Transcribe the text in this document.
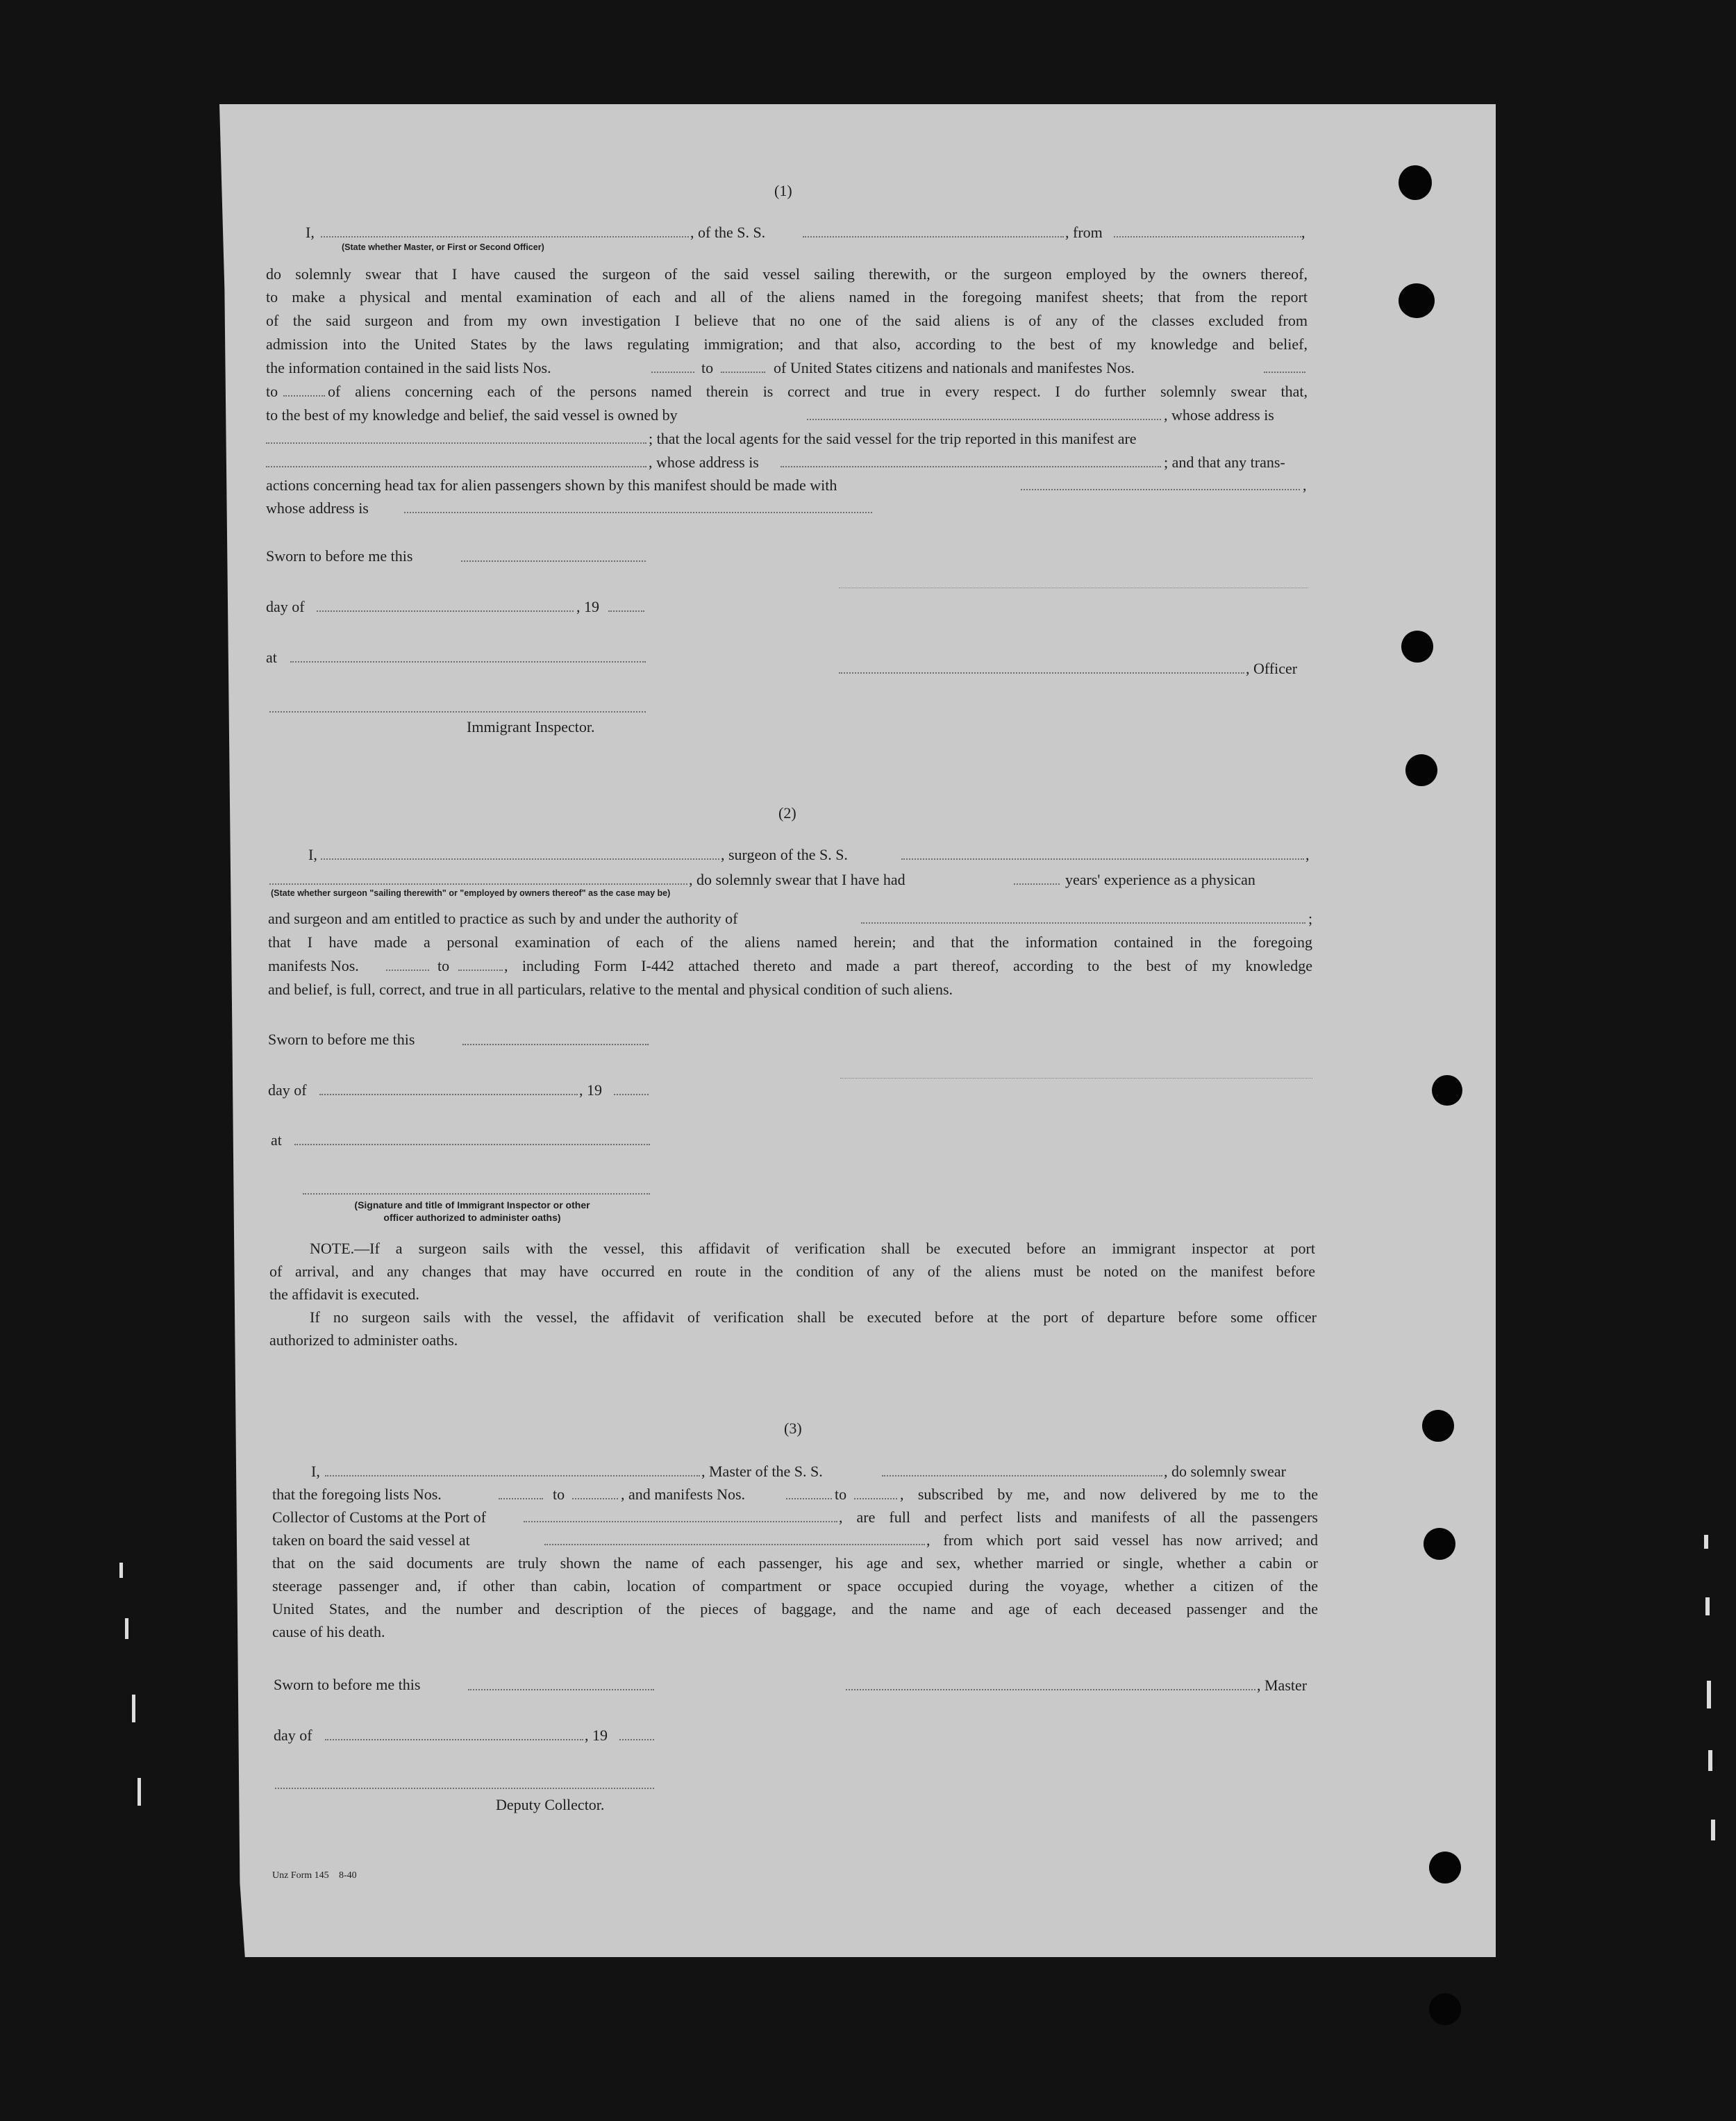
(1)
I,	, of the S. S.	, from	,
(State whether Master, or First or Second Officer)
do solemnly swear that I have caused the surgeon of the said vessel sailing therewith, or the surgeon employed by the owners thereof,
to make a physical and mental examination of each and all of the aliens named in the foregoing manifest sheets; that from the report
of the said surgeon and from my own investigation I believe that no one of the said aliens is of any of the classes excluded from
admission into the United States by the laws regulating immigration; and that also, according to the best of my knowledge and belief,
the information contained in the said lists Nos.	to	of United States citizens and nationals and manifestes Nos.
to	of aliens concerning each of the persons named therein is correct and true in every respect. I do further solemnly swear that,
to the best of my knowledge and belief, the said vessel is owned by	, whose address is
; that the local agents for the said vessel for the trip reported in this manifest are
, whose address is	; and that any trans-
actions concerning head tax for alien passengers shown by this manifest should be made with	,
whose address is
Sworn to before me this
day of	, 19
at
, Officer
Immigrant Inspector.
(2)
I,	, surgeon of the S. S.	,
, do solemnly swear that I have had	years' experience as a physican
(State whether surgeon "sailing therewith" or "employed by owners thereof" as the case may be)
and surgeon and am entitled to practice as such by and under the authority of	;
that I have made a personal examination of each of the aliens named herein; and that the information contained in the foregoing
manifests Nos.	to	, including Form I-442 attached thereto and made a part thereof, according to the best of my knowledge
and belief, is full, correct, and true in all particulars, relative to the mental and physical condition of such aliens.
Sworn to before me this
day of	, 19
at
(Signature and title of Immigrant Inspector or other
officer authorized to administer oaths)
NOTE.—If a surgeon sails with the vessel, this affidavit of verification shall be executed before an immigrant inspector at port
of arrival, and any changes that may have occurred en route in the condition of any of the aliens must be noted on the manifest before
the affidavit is executed.
If no surgeon sails with the vessel, the affidavit of verification shall be executed before at the port of departure before some officer
authorized to administer oaths.
(3)
I,	, Master of the S. S.	, do solemnly swear
that the foregoing lists Nos.	to	, and manifests Nos.	to	, subscribed by me, and now delivered by me to the
Collector of Customs at the Port of	, are full and perfect lists and manifests of all the passengers
taken on board the said vessel at	, from which port said vessel has now arrived; and
that on the said documents are truly shown the name of each passenger, his age and sex, whether married or single, whether a cabin or
steerage passenger and, if other than cabin, location of compartment or space occupied during the voyage, whether a citizen of the
United States, and the number and description of the pieces of baggage, and the name and age of each deceased passenger and the
cause of his death.
Sworn to before me this	, Master
day of	, 19
Deputy Collector.
Unz Form 145 8-40
